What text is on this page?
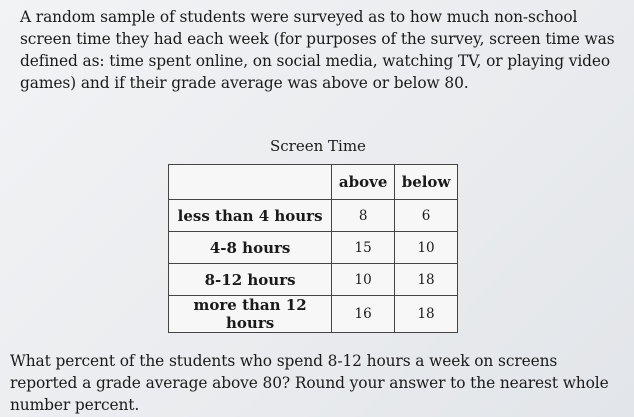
A random sample of students were surveyed as to how much non-school screen time they had each week (for purposes of the survey, screen time was defined as: time spent online, on social media, watching TV, or playing video games) and if their grade average was above or below 80.

Screen Time

	above	below
less than 4 hours	8	6
4-8 hours	15	10
8-12 hours	10	18
more than 12 hours	16	18

What percent of the students who spend 8-12 hours a week on screens reported a grade average above 80? Round your answer to the nearest whole number percent.
